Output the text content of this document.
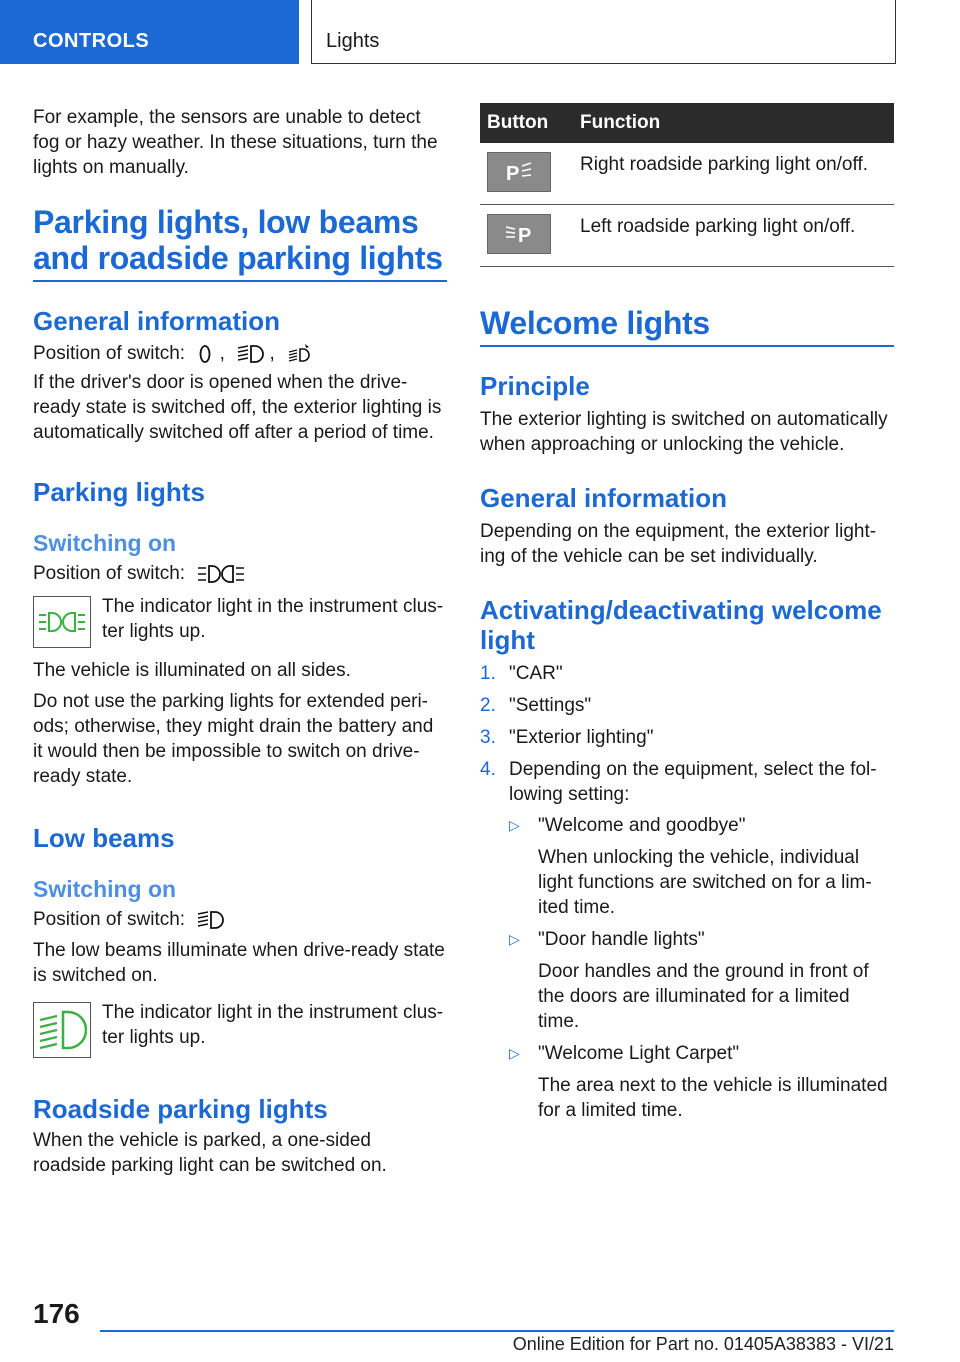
CONTROLS	Lights

For example, the sensors are unable to detect fog or hazy weather. In these situations, turn the lights on manually.

Parking lights, low beams and roadside parking lights
General information

Position of switch: , ,

If the driver's door is opened when the drive-ready state is switched off, the exterior lighting is automatically switched off after a period of time.

Parking lights
Switching on

Position of switch:

The indicator light in the instrument clus-ter lights up.

The vehicle is illuminated on all sides.

Do not use the parking lights for extended peri-ods; otherwise, they might drain the battery and it would then be impossible to switch on drive-ready state.

Low beams
Switching on

Position of switch:

The low beams illuminate when drive-ready state is switched on.

The indicator light in the instrument clus-ter lights up.

Roadside parking lights

When the vehicle is parked, a one-sided roadside parking light can be switched on.

Button	Function

P	Right roadside parking light on/off.

P	Left roadside parking light on/off.
Welcome lights
Principle

The exterior lighting is switched on automatically when approaching or unlocking the vehicle.

General information

Depending on the equipment, the exterior light-ing of the vehicle can be set individually.

Activating/deactivating welcome light
1. "CAR"
2. "Settings"
3. "Exterior lighting"
4. Depending on the equipment, select the fol-lowing setting:
▷ "Welcome and goodbye"

When unlocking the vehicle, individual light functions are switched on for a lim-ited time.

▷ "Door handle lights"

Door handles and the ground in front of the doors are illuminated for a limited time.

▷ "Welcome Light Carpet"

The area next to the vehicle is illuminated for a limited time.

176
Online Edition for Part no. 01405A38383 - VI/21
